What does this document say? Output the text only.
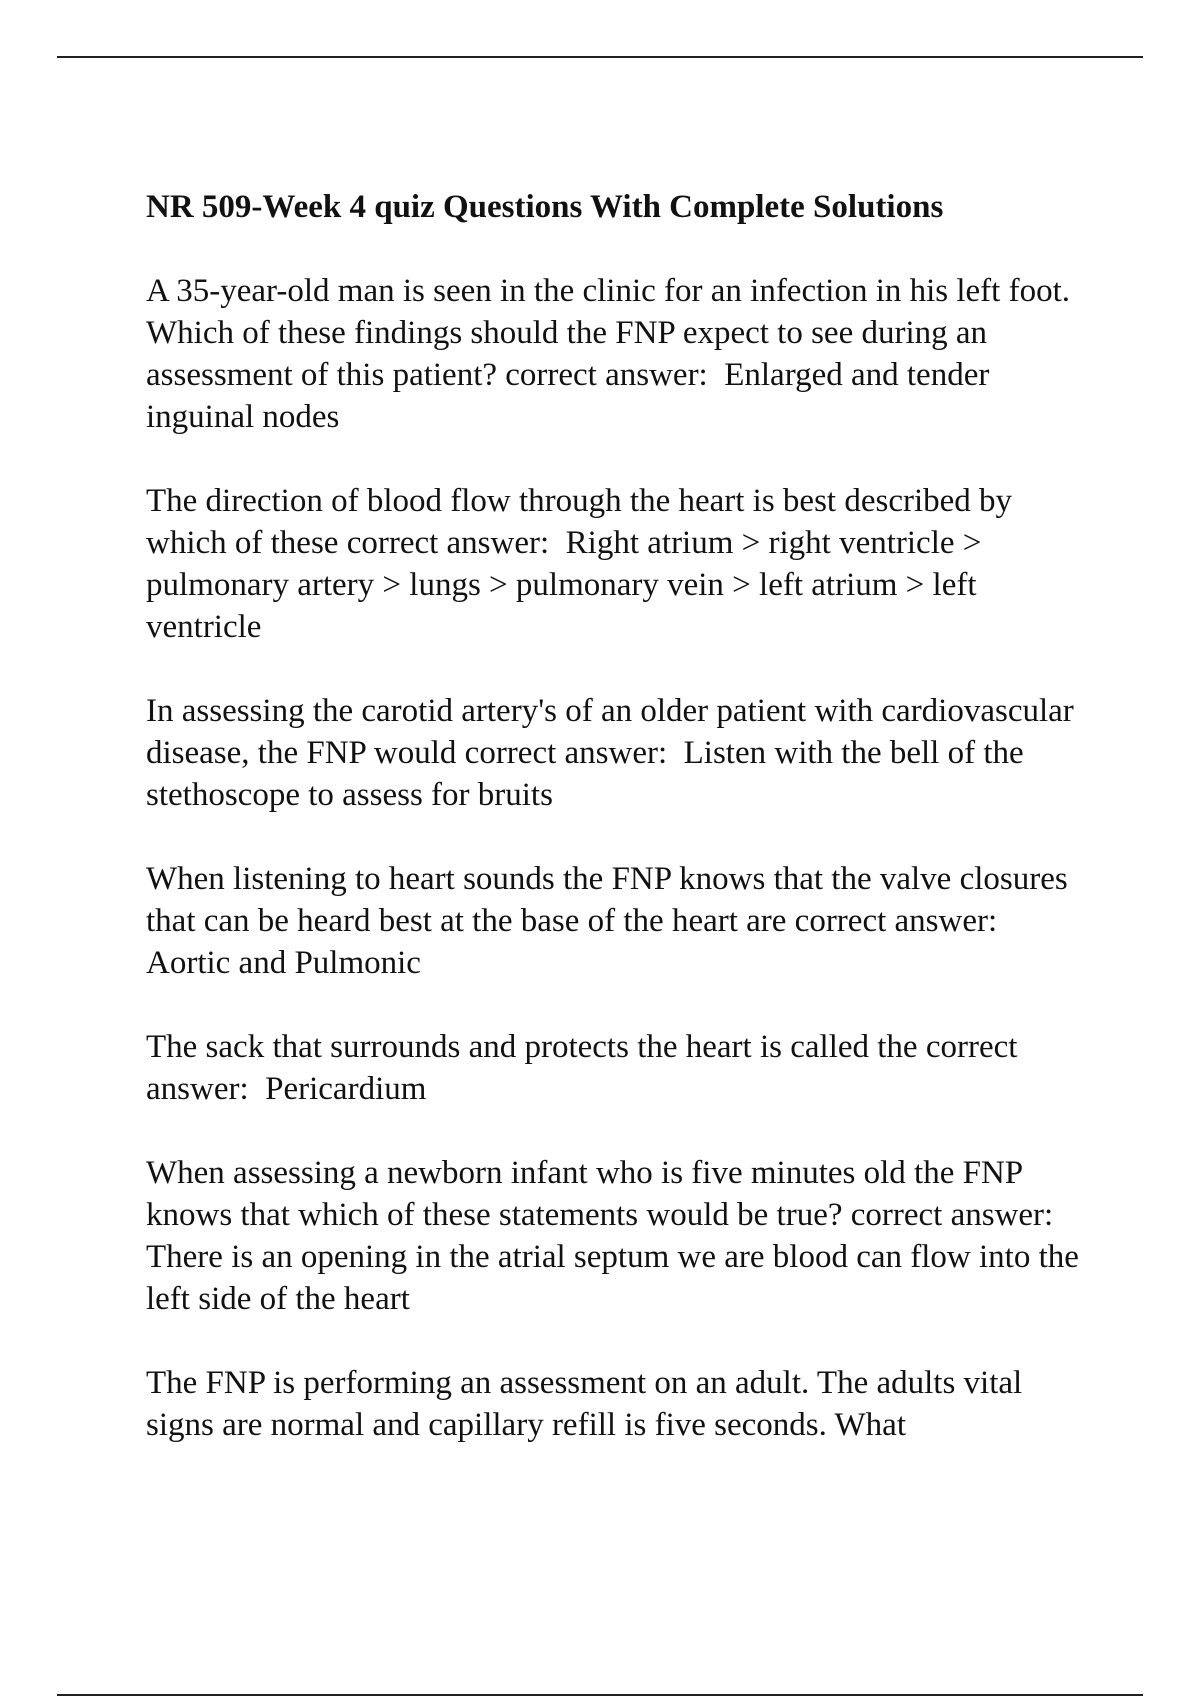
NR 509-Week 4 quiz Questions With Complete Solutions

A 35-year-old man is seen in the clinic for an infection in his left foot. Which of these findings should the FNP expect to see during an assessment of this patient? correct answer:  Enlarged and tender inguinal nodes

The direction of blood flow through the heart is best described by which of these correct answer:  Right atrium > right ventricle > pulmonary artery > lungs > pulmonary vein > left atrium > left ventricle

In assessing the carotid artery's of an older patient with cardiovascular disease, the FNP would correct answer:  Listen with the bell of the stethoscope to assess for bruits

When listening to heart sounds the FNP knows that the valve closures that can be heard best at the base of the heart are correct answer:  Aortic and Pulmonic

The sack that surrounds and protects the heart is called the correct answer:  Pericardium

When assessing a newborn infant who is five minutes old the FNP knows that which of these statements would be true? correct answer:  There is an opening in the atrial septum we are blood can flow into the left side of the heart

The FNP is performing an assessment on an adult. The adults vital signs are normal and capillary refill is five seconds. What
